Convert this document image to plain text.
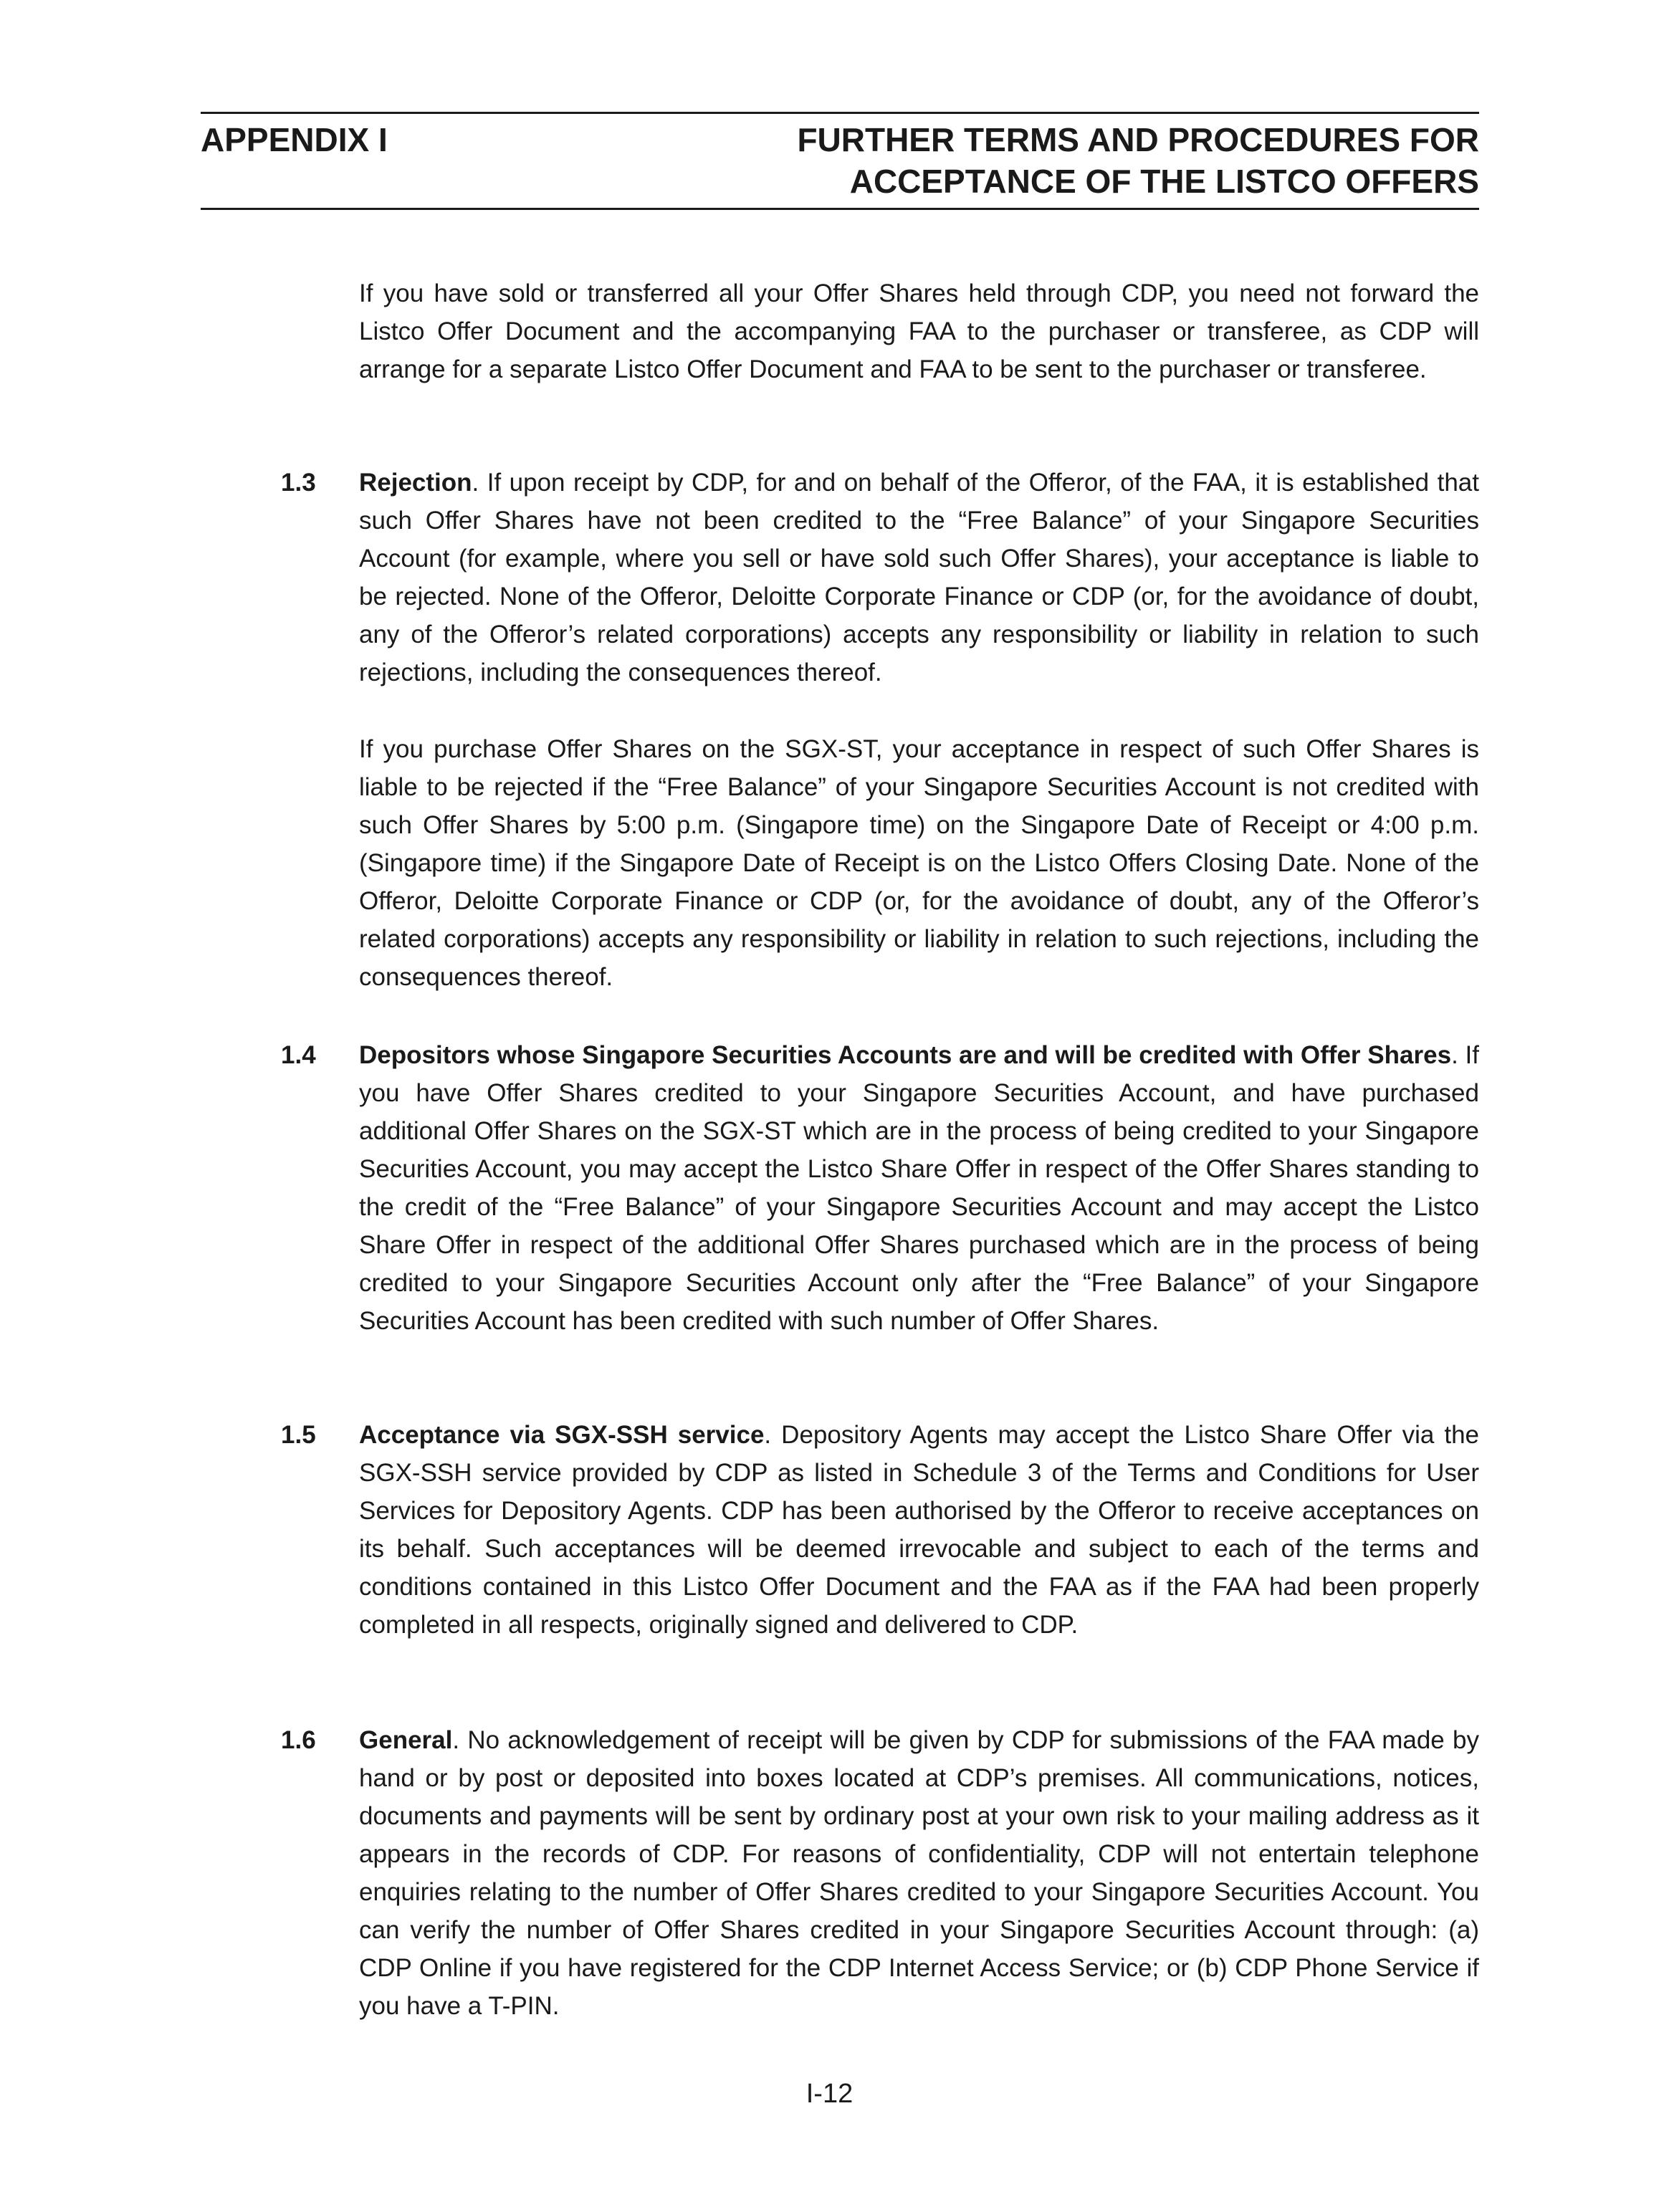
APPENDIX I	FURTHER TERMS AND PROCEDURES FOR
ACCEPTANCE OF THE LISTCO OFFERS

If you have sold or transferred all your Offer Shares held through CDP, you need not forward the Listco Offer Document and the accompanying FAA to the purchaser or transferee, as CDP will arrange for a separate Listco Offer Document and FAA to be sent to the purchaser or transferee.

1.3 Rejection. If upon receipt by CDP, for and on behalf of the Offeror, of the FAA, it is established that such Offer Shares have not been credited to the “Free Balance” of your Singapore Securities Account (for example, where you sell or have sold such Offer Shares), your acceptance is liable to be rejected. None of the Offeror, Deloitte Corporate Finance or CDP (or, for the avoidance of doubt, any of the Offeror’s related corporations) accepts any responsibility or liability in relation to such rejections, including the consequences thereof.

If you purchase Offer Shares on the SGX-ST, your acceptance in respect of such Offer Shares is liable to be rejected if the “Free Balance” of your Singapore Securities Account is not credited with such Offer Shares by 5:00 p.m. (Singapore time) on the Singapore Date of Receipt or 4:00 p.m. (Singapore time) if the Singapore Date of Receipt is on the Listco Offers Closing Date. None of the Offeror, Deloitte Corporate Finance or CDP (or, for the avoidance of doubt, any of the Offeror’s related corporations) accepts any responsibility or liability in relation to such rejections, including the consequences thereof.

1.4 Depositors whose Singapore Securities Accounts are and will be credited with Offer Shares. If you have Offer Shares credited to your Singapore Securities Account, and have purchased additional Offer Shares on the SGX-ST which are in the process of being credited to your Singapore Securities Account, you may accept the Listco Share Offer in respect of the Offer Shares standing to the credit of the “Free Balance” of your Singapore Securities Account and may accept the Listco Share Offer in respect of the additional Offer Shares purchased which are in the process of being credited to your Singapore Securities Account only after the “Free Balance” of your Singapore Securities Account has been credited with such number of Offer Shares.

1.5 Acceptance via SGX-SSH service. Depository Agents may accept the Listco Share Offer via the SGX-SSH service provided by CDP as listed in Schedule 3 of the Terms and Conditions for User Services for Depository Agents. CDP has been authorised by the Offeror to receive acceptances on its behalf. Such acceptances will be deemed irrevocable and subject to each of the terms and conditions contained in this Listco Offer Document and the FAA as if the FAA had been properly completed in all respects, originally signed and delivered to CDP.

1.6 General. No acknowledgement of receipt will be given by CDP for submissions of the FAA made by hand or by post or deposited into boxes located at CDP’s premises. All communications, notices, documents and payments will be sent by ordinary post at your own risk to your mailing address as it appears in the records of CDP. For reasons of confidentiality, CDP will not entertain telephone enquiries relating to the number of Offer Shares credited to your Singapore Securities Account. You can verify the number of Offer Shares credited in your Singapore Securities Account through: (a) CDP Online if you have registered for the CDP Internet Access Service; or (b) CDP Phone Service if you have a T-PIN.

I-12
